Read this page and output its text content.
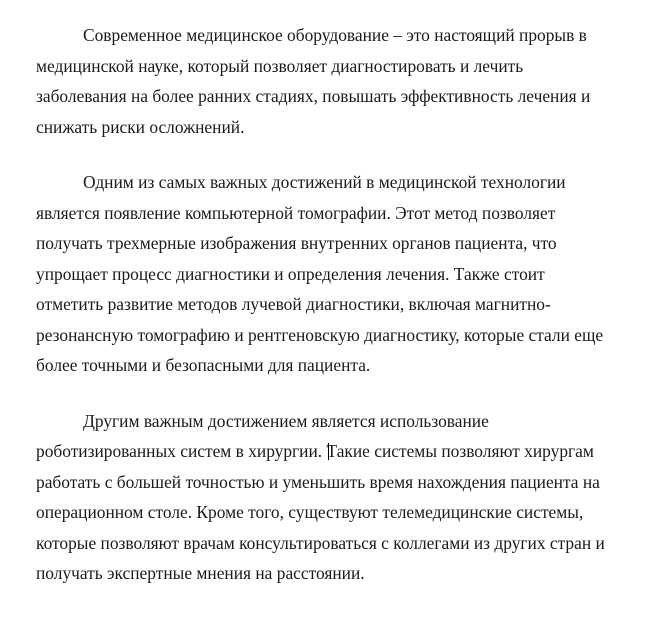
Современное медицинское оборудование – это настоящий прорыв в
медицинской науке, который позволяет диагностировать и лечить
заболевания на более ранних стадиях, повышать эффективность лечения и
снижать риски осложнений.
Одним из самых важных достижений в медицинской технологии
является появление компьютерной томографии. Этот метод позволяет
получать трехмерные изображения внутренних органов пациента, что
упрощает процесс диагностики и определения лечения. Также стоит
отметить развитие методов лучевой диагностики, включая магнитно-
резонансную томографию и рентгеновскую диагностику, которые стали еще
более точными и безопасными для пациента.
Другим важным достижением является использование
роботизированных систем в хирургии. Такие системы позволяют хирургам
работать с большей точностью и уменьшить время нахождения пациента на
операционном столе. Кроме того, существуют телемедицинские системы,
которые позволяют врачам консультироваться с коллегами из других стран и
получать экспертные мнения на расстоянии.
